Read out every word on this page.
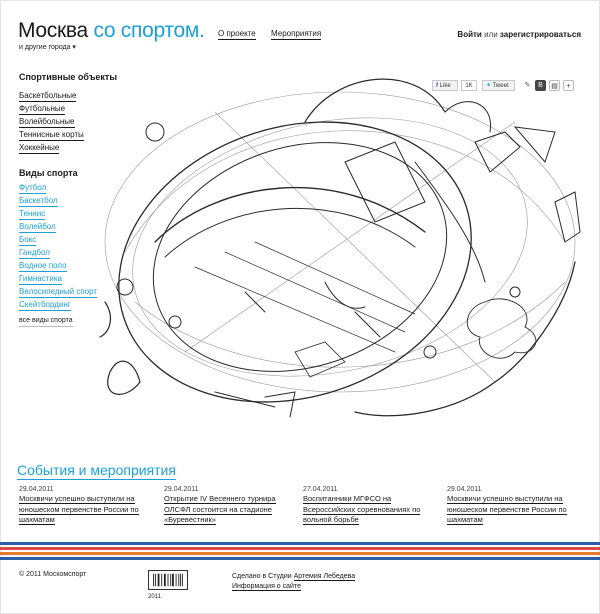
Москва со спортом.
и другие города ▾
О проекте Мероприятия	Войти или зарегистрироваться
f Like	1K	✦ Tweet	✎	В	▤	+
Спортивные объекты
Баскетбольные
Футбольные
Волейбольные
Теннисные корты
Хоккейные
Виды спорта
Футбол
Баскетбол
Теннис
Волейбол
Бокс
Гандбол
Водное поло
Гимнастика
Велосипедный спорт
Скейтбординг
все виды спорта
События и мероприятия
29.04.2011
Москвичи успешно выступили на юношеском первенстве России по шахматам
29.04.2011
Открытие IV Весеннего турнира ОЛСФЛ состоится на стадионе «Буревестник»
27.04.2011
Воспитанники МГФСО на Всероссийских соревнованиях по вольной борьбе
29.04.2011
Москвичи успешно выступили на юношеском первенстве России по шахматам
© 2011 Москомспорт
2011
Сделано в Студии Артемия Лебедева
Информация о сайте
